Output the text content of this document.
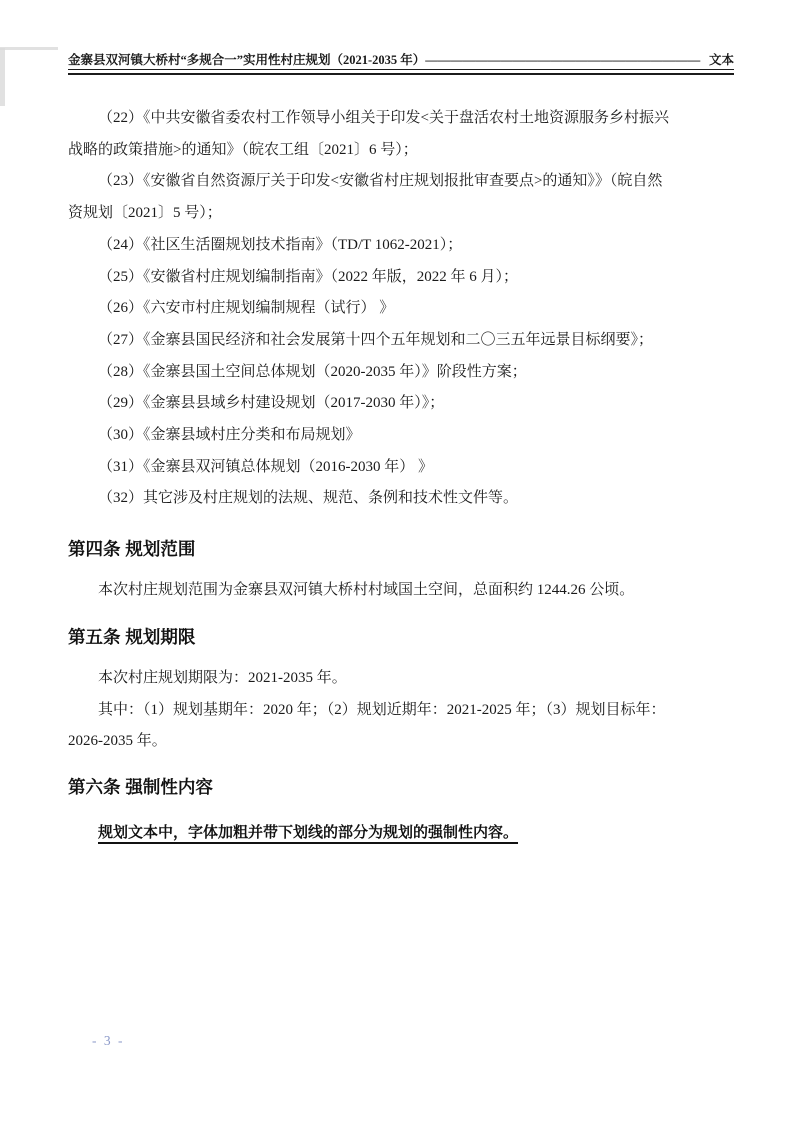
金寨县双河镇大桥村“多规合一”实用性村庄规划（2021-2035 年） —————————————————————— 文本
（22）《中共安徽省委农村工作领导小组关于印发<关于盘活农村土地资源服务乡村振兴
战略的政策措施>的通知》（皖农工组〔2021〕6 号）；
（23）《安徽省自然资源厅关于印发<安徽省村庄规划报批审查要点>的通知》》（皖自然
资规划〔2021〕5 号）；
（24）《社区生活圈规划技术指南》（TD/T 1062-2021）；
（25）《安徽省村庄规划编制指南》（2022 年版，2022 年 6 月）；
（26）《六安市村庄规划编制规程（试行） 》
（27）《金寨县国民经济和社会发展第十四个五年规划和二〇三五年远景目标纲要》；
（28）《金寨县国土空间总体规划（2020-2035 年）》阶段性方案；
（29）《金寨县县域乡村建设规划（2017-2030 年）》；
（30）《金寨县域村庄分类和布局规划》
（31）《金寨县双河镇总体规划（2016-2030 年） 》
（32）其它涉及村庄规划的法规、规范、条例和技术性文件等。
第四条 规划范围
本次村庄规划范围为金寨县双河镇大桥村村域国土空间，总面积约 1244.26 公顷。
第五条 规划期限
本次村庄规划期限为：2021-2035 年。
其中：（1）规划基期年：2020 年；（2）规划近期年：2021-2025 年；（3）规划目标年：
2026-2035 年。
第六条 强制性内容
规划文本中，字体加粗并带下划线的部分为规划的强制性内容。
- 3 -
